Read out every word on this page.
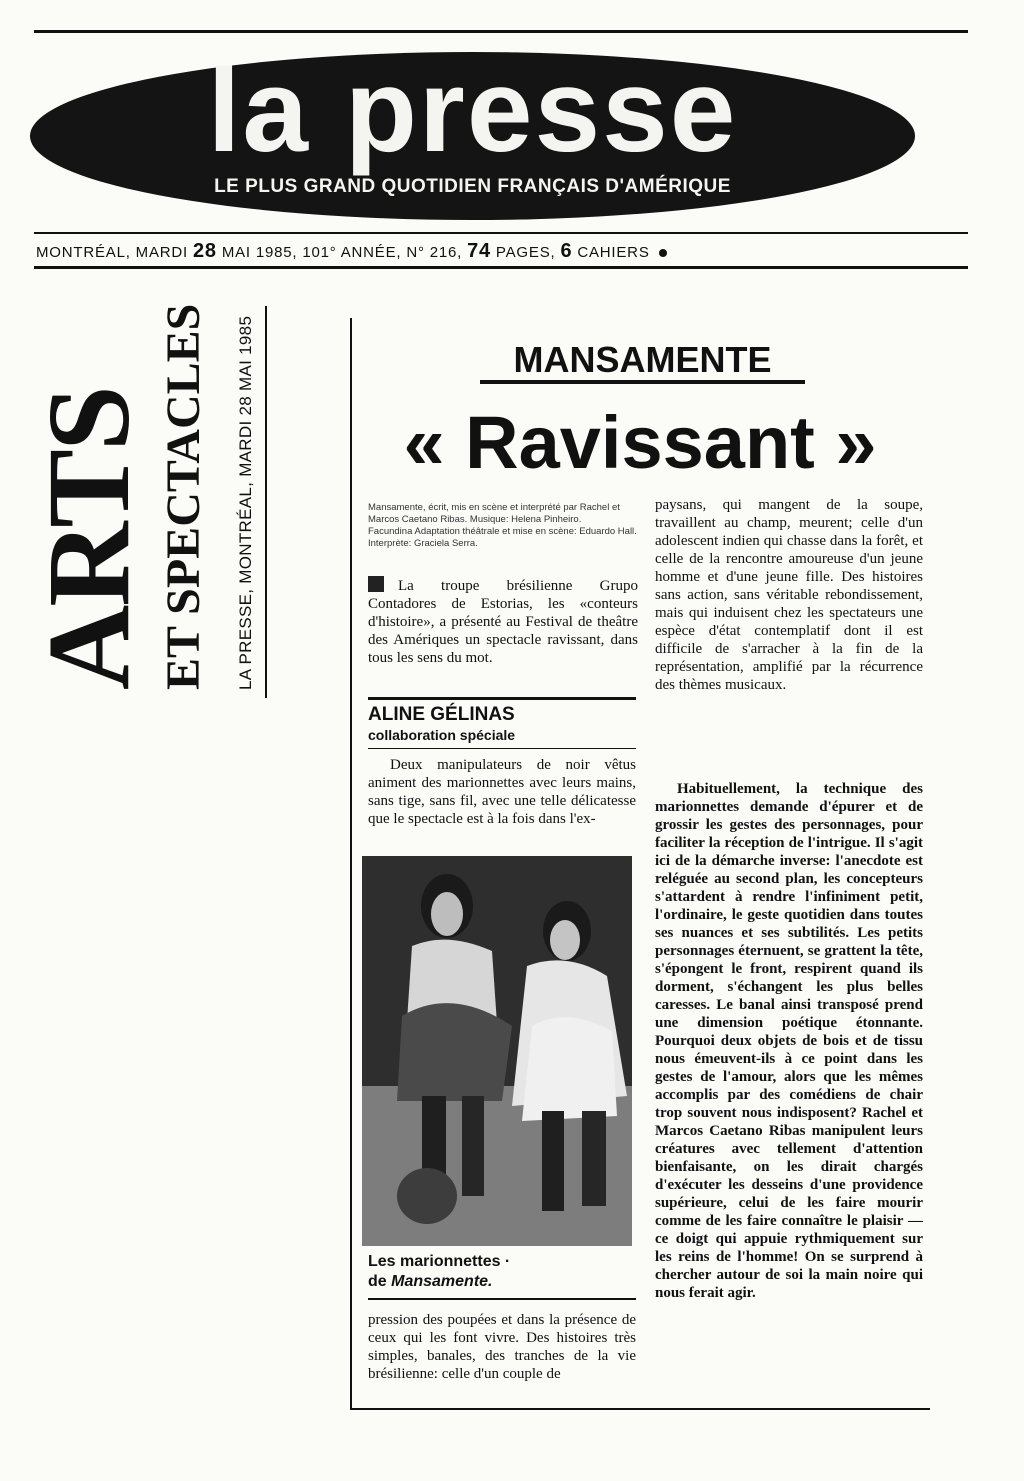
la presse
LE PLUS GRAND QUOTIDIEN FRANÇAIS D'AMÉRIQUE
MONTRÉAL, MARDI 28 MAI 1985, 101° ANNÉE, N° 216, 74 PAGES, 6 CAHIERS
ARTS ET SPECTACLES LA PRESSE, MONTRÉAL, MARDI 28 MAI 1985	MANSAMENTE
« Ravissant »

Mansamente, écrit, mis en scène et interprété par Rachel et Marcos Caetano Ribas. Musique: Helena Pinheiro.

Facundina Adaptation théâtrale et mise en scène: Eduardo Hall. Interprète: Graciela Serra.

La troupe brésilienne Grupo Contadores de Estorias, les «conteurs d'histoire», a présenté au Festival de theâtre des Amériques un spectacle ravissant, dans tous les sens du mot.
ALINE GÉLINAS
collaboration spéciale

Deux manipulateurs de noir vêtus animent des marionnettes avec leurs mains, sans tige, sans fil, avec une telle délicatesse que le spectacle est à la fois dans l'ex-

Les marionnettes ·
de Mansamente.

pression des poupées et dans la présence de ceux qui les font vivre. Des histoires très simples, banales, des tranches de la vie brésilienne: celle d'un couple de

paysans, qui mangent de la soupe, travaillent au champ, meurent; celle d'un adolescent indien qui chasse dans la forêt, et celle de la rencontre amoureuse d'un jeune homme et d'une jeune fille. Des histoires sans action, sans véritable rebondissement, mais qui induisent chez les spectateurs une espèce d'état contemplatif dont il est difficile de s'arracher à la fin de la représentation, amplifié par la récurrence des thèmes musicaux.

Habituellement, la technique des marionnettes demande d'épurer et de grossir les gestes des personnages, pour faciliter la réception de l'intrigue. Il s'agit ici de la démarche inverse: l'anecdote est reléguée au second plan, les concepteurs s'attardent à rendre l'infiniment petit, l'ordinaire, le geste quotidien dans toutes ses nuances et ses subtilités. Les petits personnages éternuent, se grattent la tête, s'épongent le front, respirent quand ils dorment, s'échangent les plus belles caresses. Le banal ainsi transposé prend une dimension poétique étonnante. Pourquoi deux objets de bois et de tissu nous émeuvent-ils à ce point dans les gestes de l'amour, alors que les mêmes accomplis par des comédiens de chair trop souvent nous indisposent? Rachel et Marcos Caetano Ribas manipulent leurs créatures avec tellement d'attention bienfaisante, on les dirait chargés d'exécuter les desseins d'une providence supérieure, celui de les faire mourir comme de les faire connaître le plaisir — ce doigt qui appuie rythmiquement sur les reins de l'homme! On se surprend à chercher autour de soi la main noire qui nous ferait agir.
